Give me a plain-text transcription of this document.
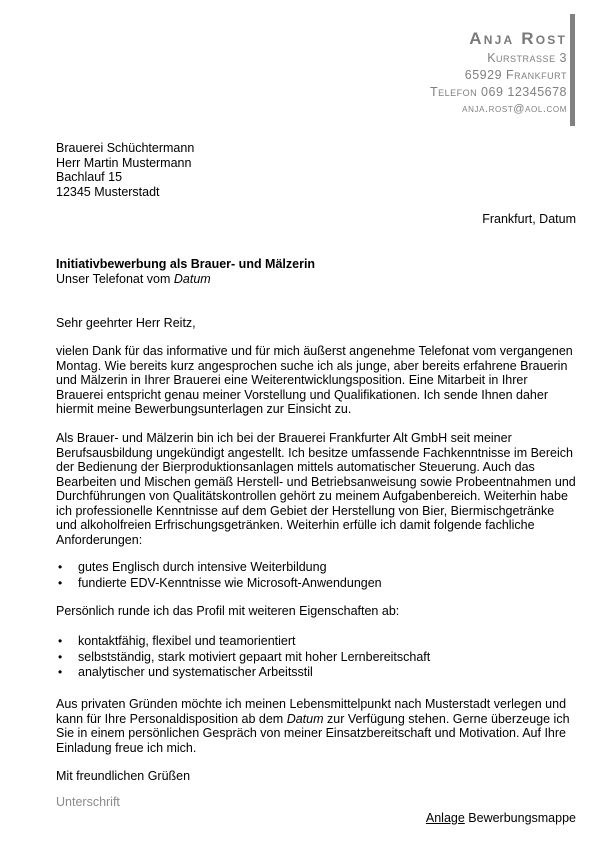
Anja Rost
Kurstrasse 3
65929 Frankfurt
Telefon 069 12345678
anja.rost@aol.com
Brauerei Schüchtermann
Herr Martin Mustermann
Bachlauf 15
12345 Musterstadt
Frankfurt, Datum
Initiativbewerbung als Brauer- und Mälzerin
Unser Telefonat vom Datum
Sehr geehrter Herr Reitz,
vielen Dank für das informative und für mich äußerst angenehme Telefonat vom vergangenen Montag. Wie bereits kurz angesprochen suche ich als junge, aber bereits erfahrene Brauerin und Mälzerin in Ihrer Brauerei eine Weiterentwicklungsposition. Eine Mitarbeit in Ihrer Brauerei entspricht genau meiner Vorstellung und Qualifikationen. Ich sende Ihnen daher hiermit meine Bewerbungsunterlagen zur Einsicht zu.
Als Brauer- und Mälzerin bin ich bei der Brauerei Frankfurter Alt GmbH seit meiner Berufsausbildung ungekündigt angestellt. Ich besitze umfassende Fachkenntnisse im Bereich der Bedienung der Bierproduktionsanlagen mittels automatischer Steuerung. Auch das Bearbeiten und Mischen gemäß Herstell- und Betriebsanweisung sowie Probeentnahmen und Durchführungen von Qualitätskontrollen gehört zu meinem Aufgabenbereich. Weiterhin habe ich professionelle Kenntnisse auf dem Gebiet der Herstellung von Bier, Biermischgetränke und alkoholfreien Erfrischungsgetränken. Weiterhin erfülle ich damit folgende fachliche Anforderungen:
• gutes Englisch durch intensive Weiterbildung
• fundierte EDV-Kenntnisse wie Microsoft-Anwendungen
Persönlich runde ich das Profil mit weiteren Eigenschaften ab:
• kontaktfähig, flexibel und teamorientiert
• selbstständig, stark motiviert gepaart mit hoher Lernbereitschaft
• analytischer und systematischer Arbeitsstil
Aus privaten Gründen möchte ich meinen Lebensmittelpunkt nach Musterstadt verlegen und kann für Ihre Personaldisposition ab dem Datum zur Verfügung stehen. Gerne überzeuge ich Sie in einem persönlichen Gespräch von meiner Einsatzbereitschaft und Motivation. Auf Ihre Einladung freue ich mich.
Mit freundlichen Grüßen
Unterschrift
Anlage Bewerbungsmappe
